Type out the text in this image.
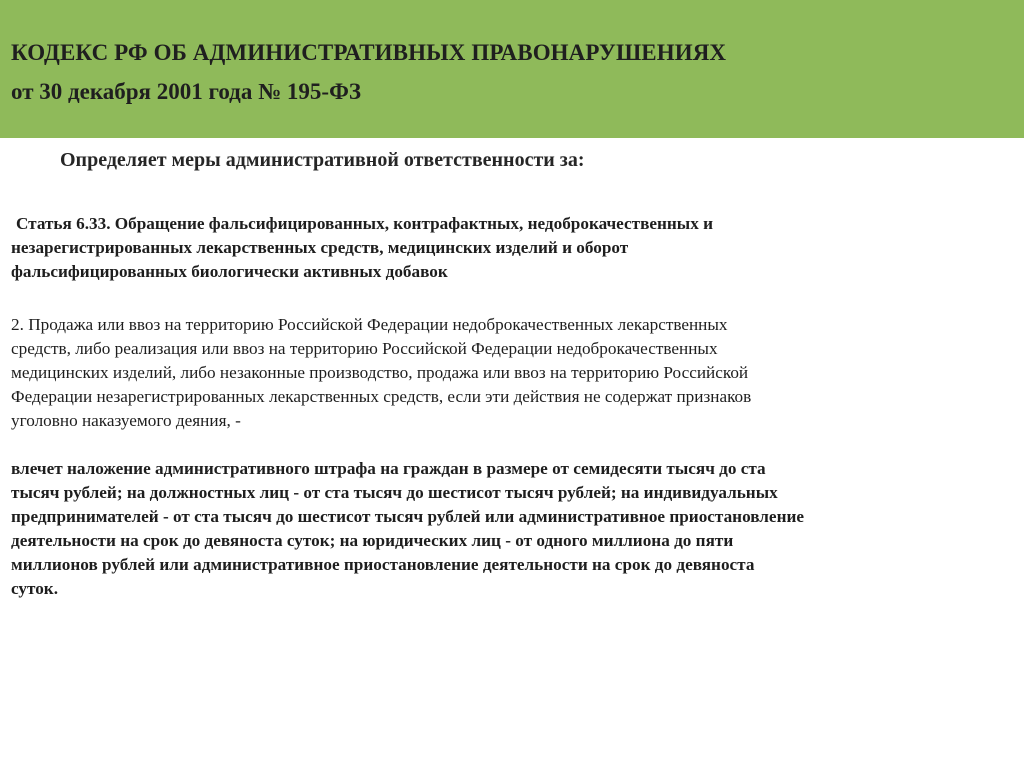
КОДЕКС РФ ОБ АДМИНИСТРАТИВНЫХ ПРАВОНАРУШЕНИЯХ
от 30 декабря 2001 года № 195-ФЗ
Определяет меры административной ответственности за:
Статья 6.33. Обращение фальсифицированных, контрафактных, недоброкачественных и
незарегистрированных лекарственных средств, медицинских изделий и оборот
фальсифицированных биологически активных добавок
2. Продажа или ввоз на территорию Российской Федерации недоброкачественных лекарственных
средств, либо реализация или ввоз на территорию Российской Федерации недоброкачественных
медицинских изделий, либо незаконные производство, продажа или ввоз на территорию Российской
Федерации незарегистрированных лекарственных средств, если эти действия не содержат признаков
уголовно наказуемого деяния, -
влечет наложение административного штрафа на граждан в размере от семидесяти тысяч до ста
тысяч рублей; на должностных лиц - от ста тысяч до шестисот тысяч рублей; на индивидуальных
предпринимателей - от ста тысяч до шестисот тысяч рублей или административное приостановление
деятельности на срок до девяноста суток; на юридических лиц - от одного миллиона до пяти
миллионов рублей или административное приостановление деятельности на срок до девяноста
суток.
